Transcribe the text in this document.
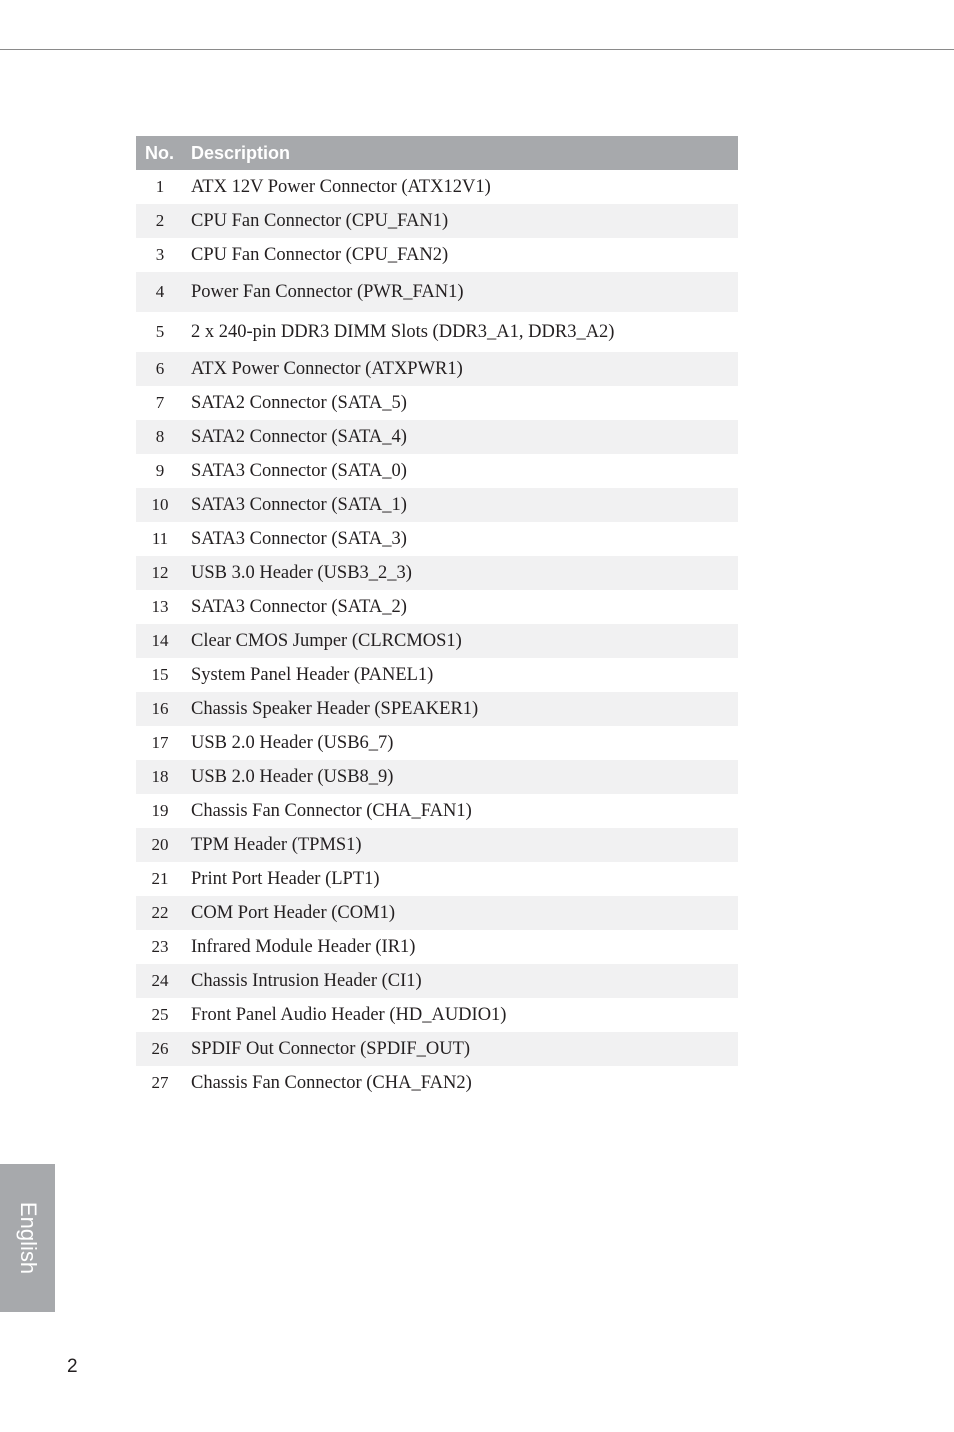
No. Description
1	ATX 12V Power Connector (ATX12V1)
2	CPU Fan Connector (CPU_FAN1)
3	CPU Fan Connector (CPU_FAN2)
4	Power Fan Connector (PWR_FAN1)
5	2 x 240-pin DDR3 DIMM Slots (DDR3_A1, DDR3_A2)
6	ATX Power Connector (ATXPWR1)
7	SATA2 Connector (SATA_5)
8	SATA2 Connector (SATA_4)
9	SATA3 Connector (SATA_0)
10	SATA3 Connector (SATA_1)
11	SATA3 Connector (SATA_3)
12	USB 3.0 Header (USB3_2_3)
13	SATA3 Connector (SATA_2)
14	Clear CMOS Jumper (CLRCMOS1)
15	System Panel Header (PANEL1)
16	Chassis Speaker Header (SPEAKER1)
17	USB 2.0 Header (USB6_7)
18	USB 2.0 Header (USB8_9)
19	Chassis Fan Connector (CHA_FAN1)
20	TPM Header (TPMS1)
21	Print Port Header (LPT1)
22	COM Port Header (COM1)
23	Infrared Module Header (IR1)
24	Chassis Intrusion Header (CI1)
25	Front Panel Audio Header (HD_AUDIO1)
26	SPDIF Out Connector (SPDIF_OUT)
27	Chassis Fan Connector (CHA_FAN2)
English
2
